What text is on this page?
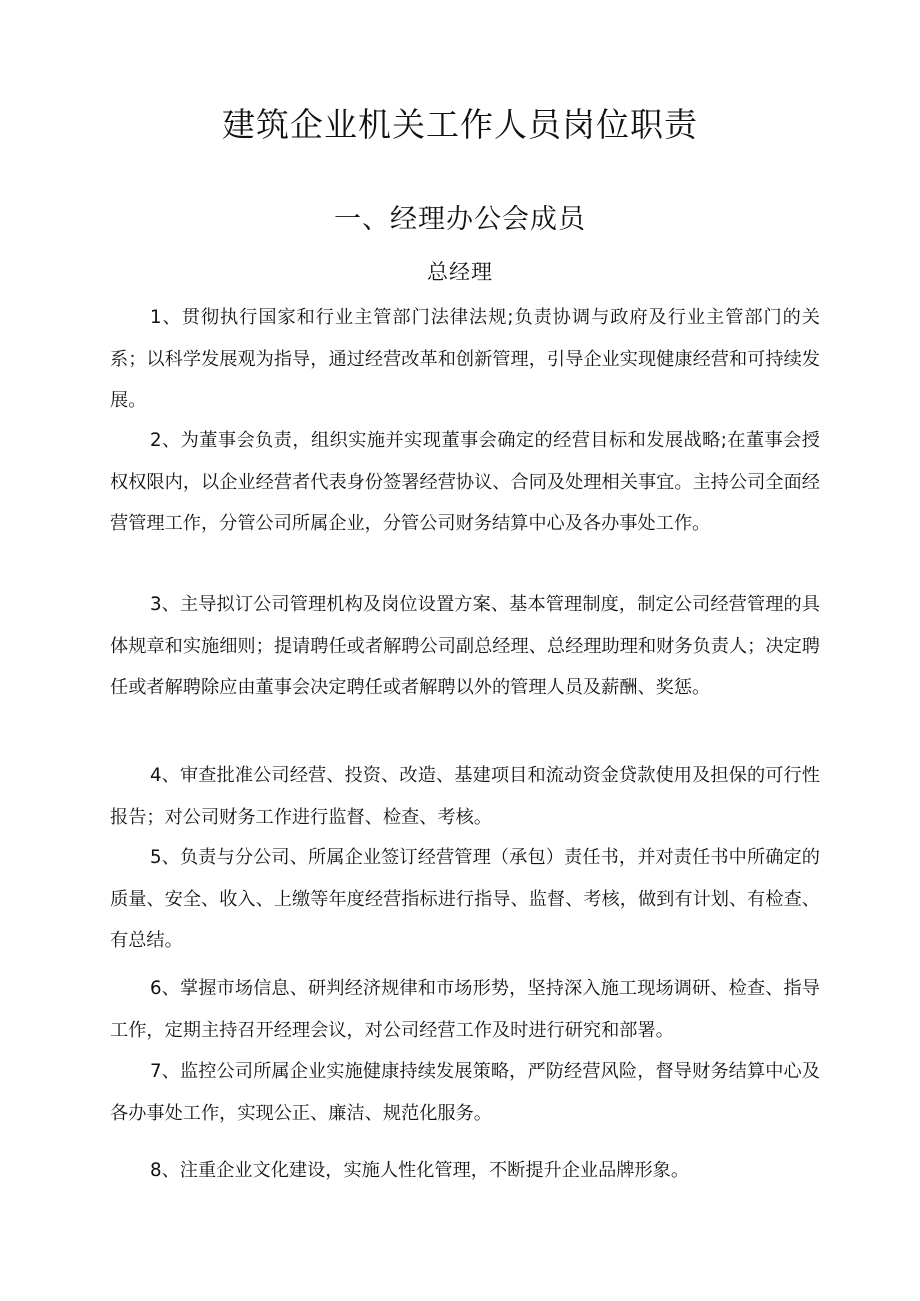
建筑企业机关工作人员岗位职责
一、经理办公会成员
总经理

1、贯彻执行国家和行业主管部门法律法规;负责协调与政府及行业主管部门的关系；以科学发展观为指导，通过经营改革和创新管理，引导企业实现健康经营和可持续发展。

2、为董事会负责，组织实施并实现董事会确定的经营目标和发展战略;在董事会授权权限内，以企业经营者代表身份签署经营协议、合同及处理相关事宜。主持公司全面经营管理工作，分管公司所属企业，分管公司财务结算中心及各办事处工作。

3、主导拟订公司管理机构及岗位设置方案、基本管理制度，制定公司经营管理的具体规章和实施细则；提请聘任或者解聘公司副总经理、总经理助理和财务负责人；决定聘任或者解聘除应由董事会决定聘任或者解聘以外的管理人员及薪酬、奖惩。

4、审查批准公司经营、投资、改造、基建项目和流动资金贷款使用及担保的可行性报告；对公司财务工作进行监督、检查、考核。

5、负责与分公司、所属企业签订经营管理（承包）责任书，并对责任书中所确定的质量、安全、收入、上缴等年度经营指标进行指导、监督、考核，做到有计划、有检查、有总结。

6、掌握市场信息、研判经济规律和市场形势，坚持深入施工现场调研、检查、指导工作，定期主持召开经理会议，对公司经营工作及时进行研究和部署。

7、监控公司所属企业实施健康持续发展策略，严防经营风险，督导财务结算中心及各办事处工作，实现公正、廉洁、规范化服务。

8、注重企业文化建设，实施人性化管理，不断提升企业品牌形象。
